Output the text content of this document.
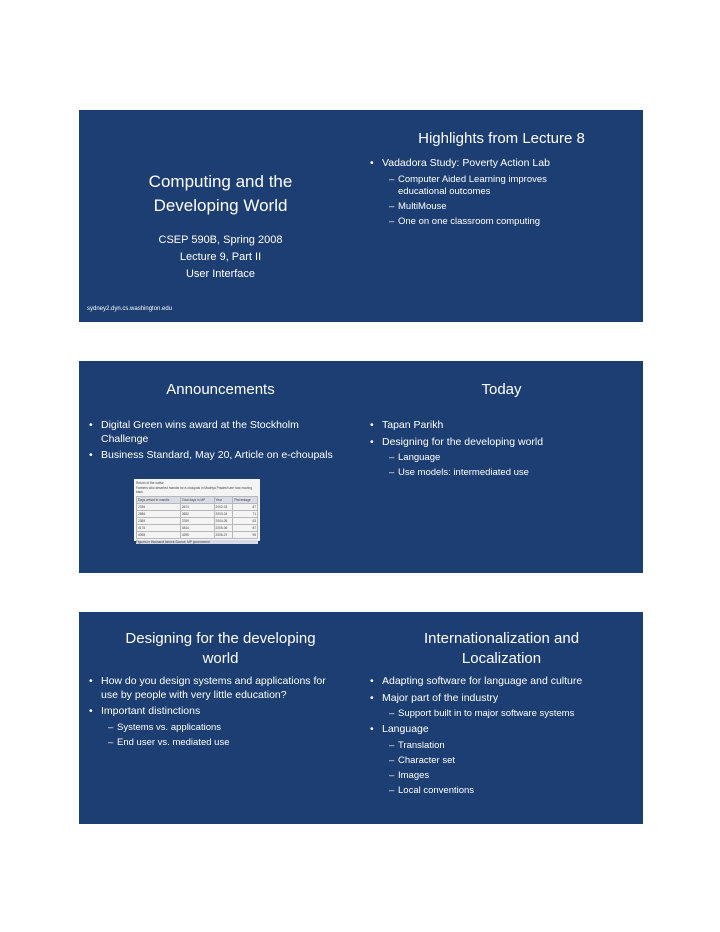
Computing and the
Developing World
CSEP 590B, Spring 2008
Lecture 9, Part II
User Interface
sydney2.dyn.cs.washington.edu
Highlights from Lecture 8
• Vadadora Study: Poverty Action Lab
– Computer Aided Learning improves educational outcomes
– MultiMouse
– One on one classroom computing
Announcements
• Digital Green wins award at the Stockholm Challenge
• Business Standard, May 20, Article on e-choupals
Return of the native
Farmers who deserted mandis for e-choupals in Madhya Pradesh are now moving back
Days arrival in mandis	Total days in MP	Year	Percentage
2336	2674	2002-03	87
2586	3652	2003-04	71
2389	3769	2004-05	63
4175	4814	2005-06	87
4098	4295	2006-07	95
Figures in thousand tonnes Source: MP government
Today
• Tapan Parikh
• Designing for the developing world
– Language
– Use models: intermediated use
Designing for the developing
world
• How do you design systems and applications for use by people with very little education?
• Important distinctions
– Systems vs. applications
– End user vs. mediated use
Internationalization and
Localization
• Adapting software for language and culture
• Major part of the industry
– Support built in to major software systems
• Language
– Translation
– Character set
– Images
– Local conventions
